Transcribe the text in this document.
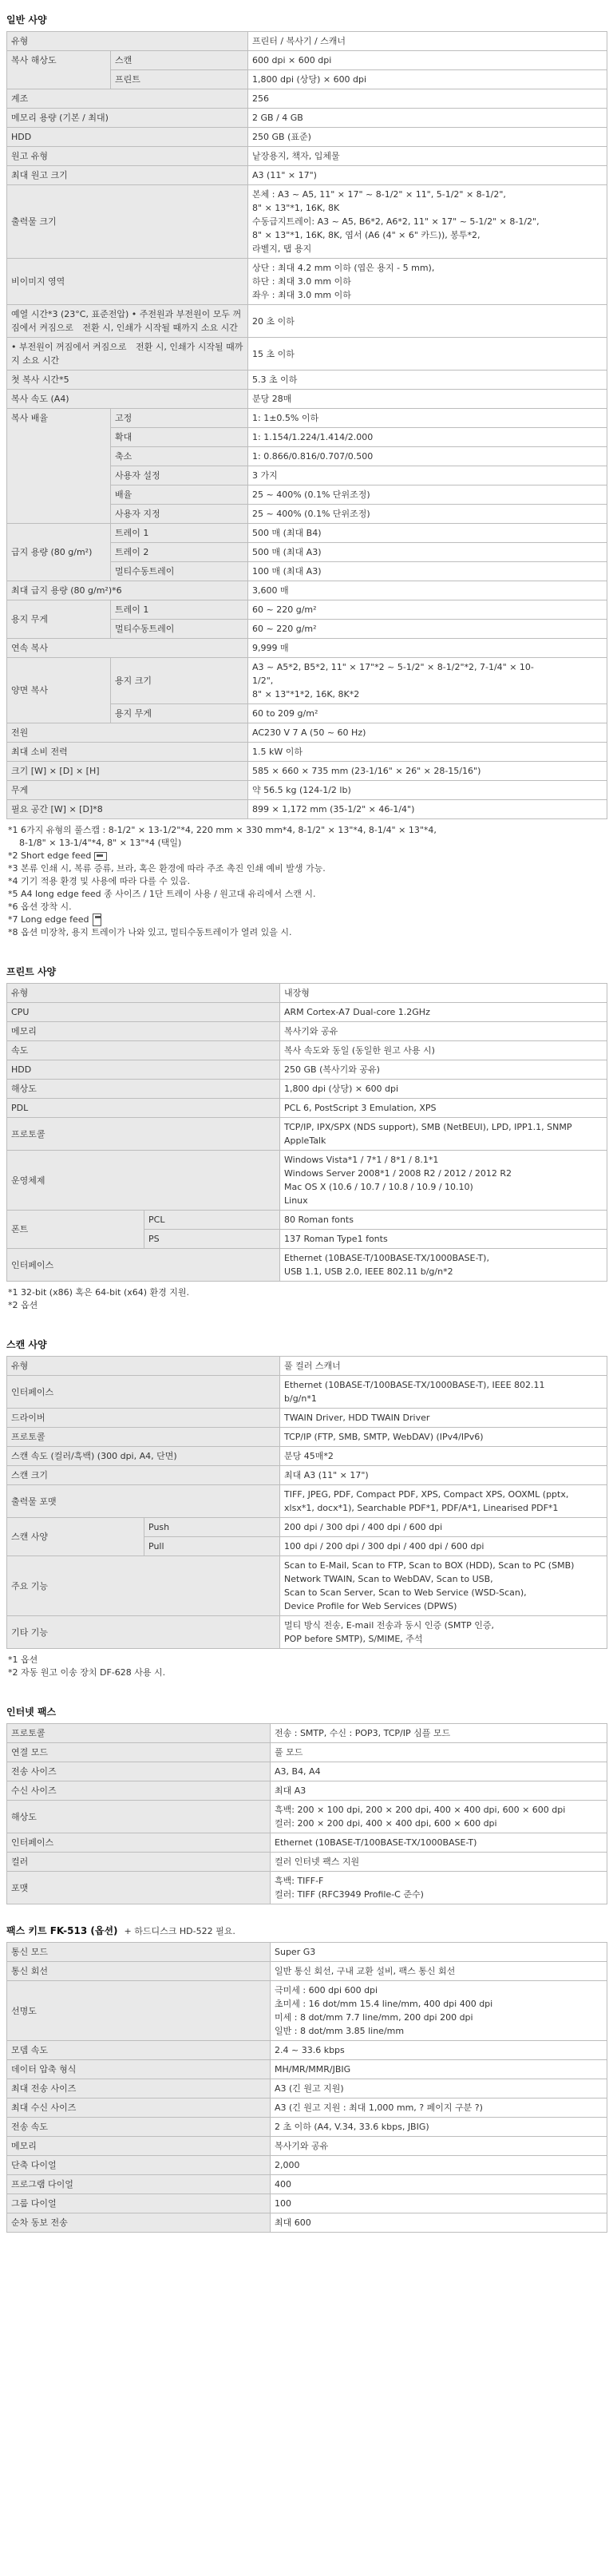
일반 사양
유형		프린터 / 복사기 / 스캐너
복사 해상도	스캔	600 dpi × 600 dpi
	프린트	1,800 dpi (상당) × 600 dpi
계조		256
메모리 용량 (기본 / 최대)		2 GB / 4 GB
HDD		250 GB (표준)
원고 유형		낱장용지, 책자, 입체물
최대 원고 크기		A3 (11" × 17")
출력물 크기		본체 : A3 ~ A5, 11" × 17" ~ 8-1/2" × 11", 5-1/2" × 8-1/2",
8" × 13"*1, 16K, 8K
수동급지트레이: A3 ~ A5, B6*2, A6*2, 11" × 17" ~ 5-1/2" × 8-1/2",
8" × 13"*1, 16K, 8K, 엽서 (A6 (4" × 6" 카드)), 봉투*2,
라벨지, 탭 용지

비이미지 영역		상단 : 최대 4.2 mm 이하 (엽은 용지 - 5 mm),
하단 : 최대 3.0 mm 이하
좌우 : 최대 3.0 mm 이하

예열 시간*3 (23°C, 표준전압) • 주전원과 부전원이 모두 꺼짐에서 켜짐으로 전환 시, 인쇄가 시작될 때까지 소요 시간		20 초 이하
• 부전원이 꺼짐에서 켜짐으로 전환 시, 인쇄가 시작될 때까지 소요 시간		15 초 이하
첫 복사 시간*5		5.3 초 이하
복사 속도 (A4)		분당 28매
복사 배율	고정	1: 1±0.5% 이하
	확대	1: 1.154/1.224/1.414/2.000
	축소	1: 0.866/0.816/0.707/0.500
	사용자 설정	3 가지
	배율	25 ~ 400% (0.1% 단위조정)
	사용자 지정	25 ~ 400% (0.1% 단위조정)
급지 용량 (80 g/m²)	트레이 1	500 매 (최대 B4)
	트레이 2	500 매 (최대 A3)
	멀티수동트레이	100 매 (최대 A3)
최대 급지 용량 (80 g/m²)*6		3,600 매
용지 무게	트레이 1	60 ~ 220 g/m²
	멀티수동트레이	60 ~ 220 g/m²
연속 복사		9,999 매
양면 복사	용지 크기	A3 ~ A5*2, B5*2, 11" × 17"*2 ~ 5-1/2" × 8-1/2"*2, 7-1/4" × 10-
1/2",
8" × 13"*1*2, 16K, 8K*2

	용지 무게	60 to 209 g/m²
전원		AC230 V 7 A (50 ~ 60 Hz)
최대 소비 전력		1.5 kW 이하
크기 [W] × [D] × [H]		585 × 660 × 735 mm (23-1/16" × 26" × 28-15/16")
무게		약 56.5 kg (124-1/2 lb)
필요 공간 [W] × [D]*8		899 × 1,172 mm (35-1/2" × 46-1/4")
*1 6가지 유형의 풀스캡 : 8-1/2" × 13-1/2"*4, 220 mm × 330 mm*4, 8-1/2" × 13"*4, 8-1/4" × 13"*4,
8-1/8" × 13-1/4"*4, 8" × 13"*4 (택일)
*2 Short edge feed
*3 본류 인쇄 시, 복류 증류, 브라, 혹은 환경에 따라 주조 촉진 인쇄 예비 발생 가능.
*4 기기 적용 환경 및 사용에 따라 다를 수 있음.
*5 A4 long edge feed 종 사이즈 / 1단 트레이 사용 / 원고대 유리에서 스캔 시.
*6 옵션 장착 시.
*7 Long edge feed
*8 옵션 미장착, 용지 트레이가 나와 있고, 멀티수동트레이가 열려 있을 시.
프린트 사양
유형		내장형
CPU		ARM Cortex-A7 Dual-core 1.2GHz
메모리		복사기와 공유
속도		복사 속도와 동일 (동일한 원고 사용 시)
HDD		250 GB (복사기와 공유)
해상도		1,800 dpi (상당) × 600 dpi
PDL		PCL 6, PostScript 3 Emulation, XPS
프로토콜		TCP/IP, IPX/SPX (NDS support), SMB (NetBEUI), LPD, IPP1.1, SNMP
AppleTalk

운영체제		Windows Vista*1 / 7*1 / 8*1 / 8.1*1
Windows Server 2008*1 / 2008 R2 / 2012 / 2012 R2
Mac OS X (10.6 / 10.7 / 10.8 / 10.9 / 10.10)
Linux

폰트	PCL	80 Roman fonts
	PS	137 Roman Type1 fonts
인터페이스		Ethernet (10BASE-T/100BASE-TX/1000BASE-T),
USB 1.1, USB 2.0, IEEE 802.11 b/g/n*2
*1 32-bit (x86) 혹은 64-bit (x64) 환경 지원.
*2 옵션
스캔 사양
유형		풀 컬러 스캐너
인터페이스		Ethernet (10BASE-T/100BASE-TX/1000BASE-T), IEEE 802.11
b/g/n*1

드라이버		TWAIN Driver, HDD TWAIN Driver
프로토콜		TCP/IP (FTP, SMB, SMTP, WebDAV) (IPv4/IPv6)
스캔 속도 (컬러/흑백) (300 dpi, A4, 단면)		분당 45매*2
스캔 크기		최대 A3 (11" × 17")
출력물 포맷		TIFF, JPEG, PDF, Compact PDF, XPS, Compact XPS, OOXML (pptx,
xlsx*1, docx*1), Searchable PDF*1, PDF/A*1, Linearised PDF*1

스캔 사양	Push	200 dpi / 300 dpi / 400 dpi / 600 dpi
	Pull	100 dpi / 200 dpi / 300 dpi / 400 dpi / 600 dpi
주요 기능		Scan to E-Mail, Scan to FTP, Scan to BOX (HDD), Scan to PC (SMB)
Network TWAIN, Scan to WebDAV, Scan to USB,
Scan to Scan Server, Scan to Web Service (WSD-Scan),
Device Profile for Web Services (DPWS)

기타 기능		멀티 방식 전송, E-mail 전송과 동시 인증 (SMTP 인증,
POP before SMTP), S/MIME, 주석
*1 옵션
*2 자동 원고 이송 장치 DF-628 사용 시.
인터넷 팩스
프로토콜	전송 : SMTP, 수신 : POP3, TCP/IP 심플 모드
연결 모드	풀 모드
전송 사이즈	A3, B4, A4
수신 사이즈	최대 A3
해상도	흑백: 200 × 100 dpi, 200 × 200 dpi, 400 × 400 dpi, 600 × 600 dpi
컬러: 200 × 200 dpi, 400 × 400 dpi, 600 × 600 dpi

인터페이스	Ethernet (10BASE-T/100BASE-TX/1000BASE-T)
컬러	컬러 인터넷 팩스 지원
포맷	흑백: TIFF-F
컬러: TIFF (RFC3949 Profile-C 준수)
팩스 키트 FK-513 (옵션) + 하드디스크 HD-522 필요.
통신 모드	Super G3
통신 회선	일반 통신 회선, 구내 교환 설비, 팩스 통신 회선
선명도	극미세 : 600 dpi 600 dpi
초미세 : 16 dot/mm 15.4 line/mm, 400 dpi 400 dpi
미세 : 8 dot/mm 7.7 line/mm, 200 dpi 200 dpi
일반 : 8 dot/mm 3.85 line/mm

모뎀 속도	2.4 ~ 33.6 kbps
데이터 압축 형식	MH/MR/MMR/JBIG
최대 전송 사이즈	A3 (긴 원고 지원)
최대 수신 사이즈	A3 (긴 원고 지원 : 최대 1,000 mm, ? 페이지 구분 ?)
전송 속도	2 초 이하 (A4, V.34, 33.6 kbps, JBIG)
메모리	복사기와 공유
단축 다이얼	2,000
프로그램 다이얼	400
그룹 다이얼	100
순차 동보 전송	최대 600
